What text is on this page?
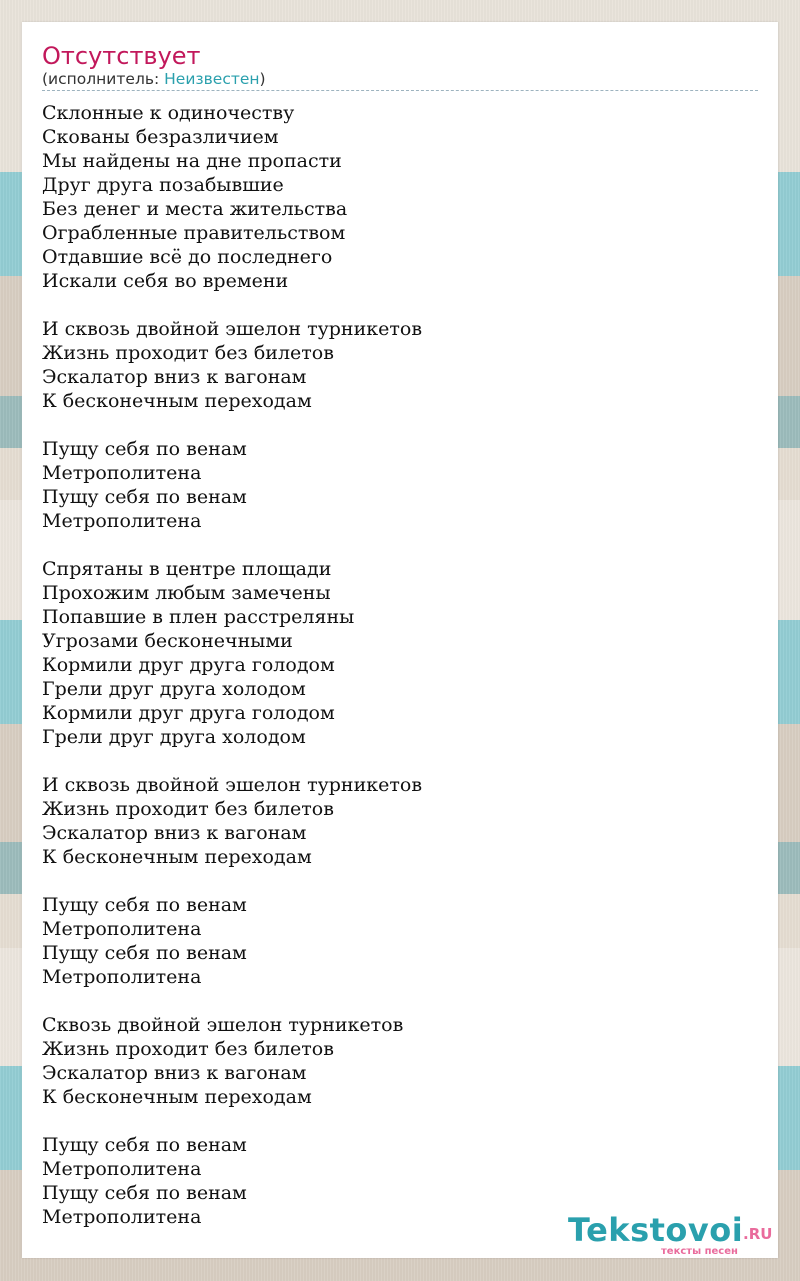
Отсутствует
(исполнитель: Неизвестен)
Склонные к одиночеству
Скованы безразличием
Мы найдены на дне пропасти
Друг друга позабывшие
Без денег и места жительства
Ограбленные правительством
Отдавшие всё до последнего
Искали себя во времени
И сквозь двойной эшелон турникетов
Жизнь проходит без билетов
Эскалатор вниз к вагонам
К бесконечным переходам
Пущу себя по венам
Метрополитена
Пущу себя по венам
Метрополитена
Спрятаны в центре площади
Прохожим любым замечены
Попавшие в плен расстреляны
Угрозами бесконечными
Кормили друг друга голодом
Грели друг друга холодом
Кормили друг друга голодом
Грели друг друга холодом
И сквозь двойной эшелон турникетов
Жизнь проходит без билетов
Эскалатор вниз к вагонам
К бесконечным переходам
Пущу себя по венам
Метрополитена
Пущу себя по венам
Метрополитена
Сквозь двойной эшелон турникетов
Жизнь проходит без билетов
Эскалатор вниз к вагонам
К бесконечным переходам
Пущу себя по венам
Метрополитена
Пущу себя по венам
Метрополитена	Tekstovoi .RU
тексты песен
